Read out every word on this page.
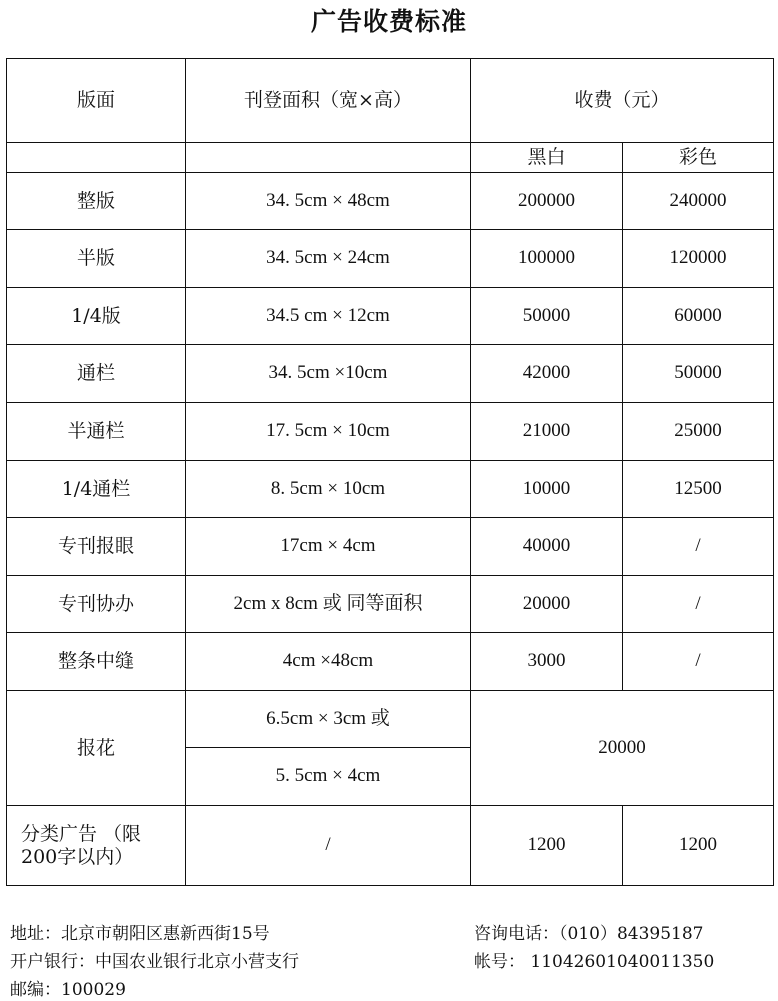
广告收费标准
版面	刊登面积（宽×高）	收费（元）	
		黑白	彩色
整版	34. 5cm × 48cm	200000	240000
半版	34. 5cm × 24cm	100000	120000
1/4版	34.5 cm × 12cm	50000	60000
通栏	34. 5cm ×10cm	42000	50000
半通栏	17. 5cm × 10cm	21000	25000
1/4通栏	8. 5cm × 10cm	10000	12500
专刊报眼	17cm × 4cm	40000	/
专刊协办	2cm x 8cm 或 同等面积	20000	/
整条中缝	4cm ×48cm	3000	/
报花	6.5cm × 3cm 或	20000	
	5. 5cm × 4cm		
分类广告 （限200字以内）	/	1200	1200
地址：北京市朝阳区惠新西街15号	咨询电话：（010）84395187
开户银行：中国农业银行北京小营支行	帐号： 11042601040011350
邮编：100029
